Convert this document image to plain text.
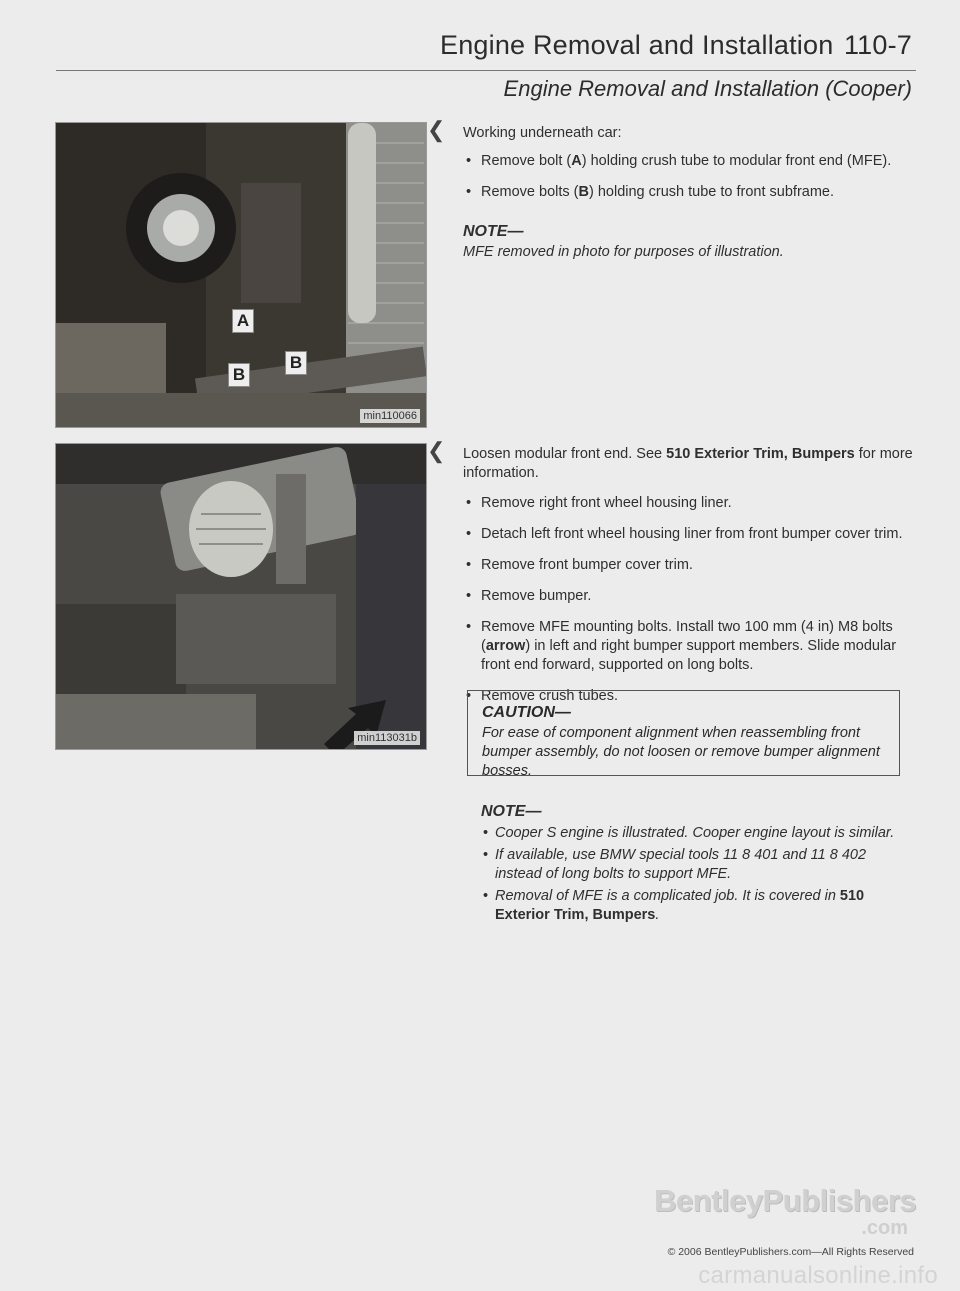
Engine Removal and Installation 110-7
Engine Removal and Installation (Cooper)
A
B
B
min110066
❮ Working underneath car:

• Remove bolt (A) holding crush tube to modular front end (MFE).
• Remove bolts (B) holding crush tube to front subframe.
NOTE—
MFE removed in photo for purposes of illustration.
min113031b
❮ Loosen modular front end. See 510 Exterior Trim, Bumpers for more information.

• Remove right front wheel housing liner.
• Detach left front wheel housing liner from front bumper cover trim.
• Remove front bumper cover trim.
• Remove bumper.
• Remove MFE mounting bolts. Install two 100 mm (4 in) M8 bolts (arrow) in left and right bumper support members. Slide modular front end forward, supported on long bolts.
• Remove crush tubes.
CAUTION—
For ease of component alignment when reassembling front bumper assembly, do not loosen or remove bumper alignment bosses.
NOTE—
• Cooper S engine is illustrated. Cooper engine layout is similar.
• If available, use BMW special tools 11 8 401 and 11 8 402 instead of long bolts to support MFE.
• Removal of MFE is a complicated job. It is covered in 510 Exterior Trim, Bumpers.
BentleyPublishers
.com
© 2006 BentleyPublishers.com—All Rights Reserved
carmanualsonline.info
